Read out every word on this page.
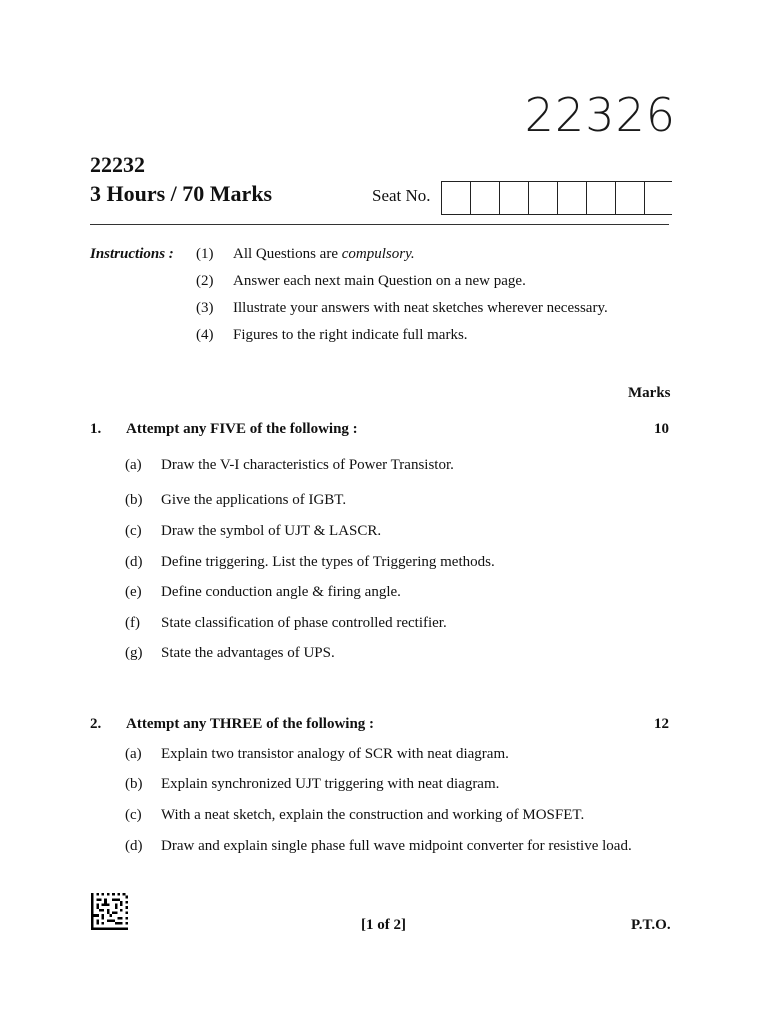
22326
22232
3 Hours / 70 Marks	Seat No.
Instructions : (1)	All Questions are compulsory.
(2)	Answer each next main Question on a new page.
(3)	Illustrate your answers with neat sketches wherever necessary.
(4)	Figures to the right indicate full marks.
Marks
1. Attempt any FIVE of the following :	10
(a)	Draw the V-I characteristics of Power Transistor.
(b)	Give the applications of IGBT.
(c)	Draw the symbol of UJT & LASCR.
(d)	Define triggering. List the types of Triggering methods.
(e)	Define conduction angle & firing angle.
(f)	State classification of phase controlled rectifier.
(g)	State the advantages of UPS.
2. Attempt any THREE of the following :	12
(a)	Explain two transistor analogy of SCR with neat diagram.
(b)	Explain synchronized UJT triggering with neat diagram.
(c)	With a neat sketch, explain the construction and working of MOSFET.
(d)	Draw and explain single phase full wave midpoint converter for resistive load.
[1 of 2]	P.T.O.
